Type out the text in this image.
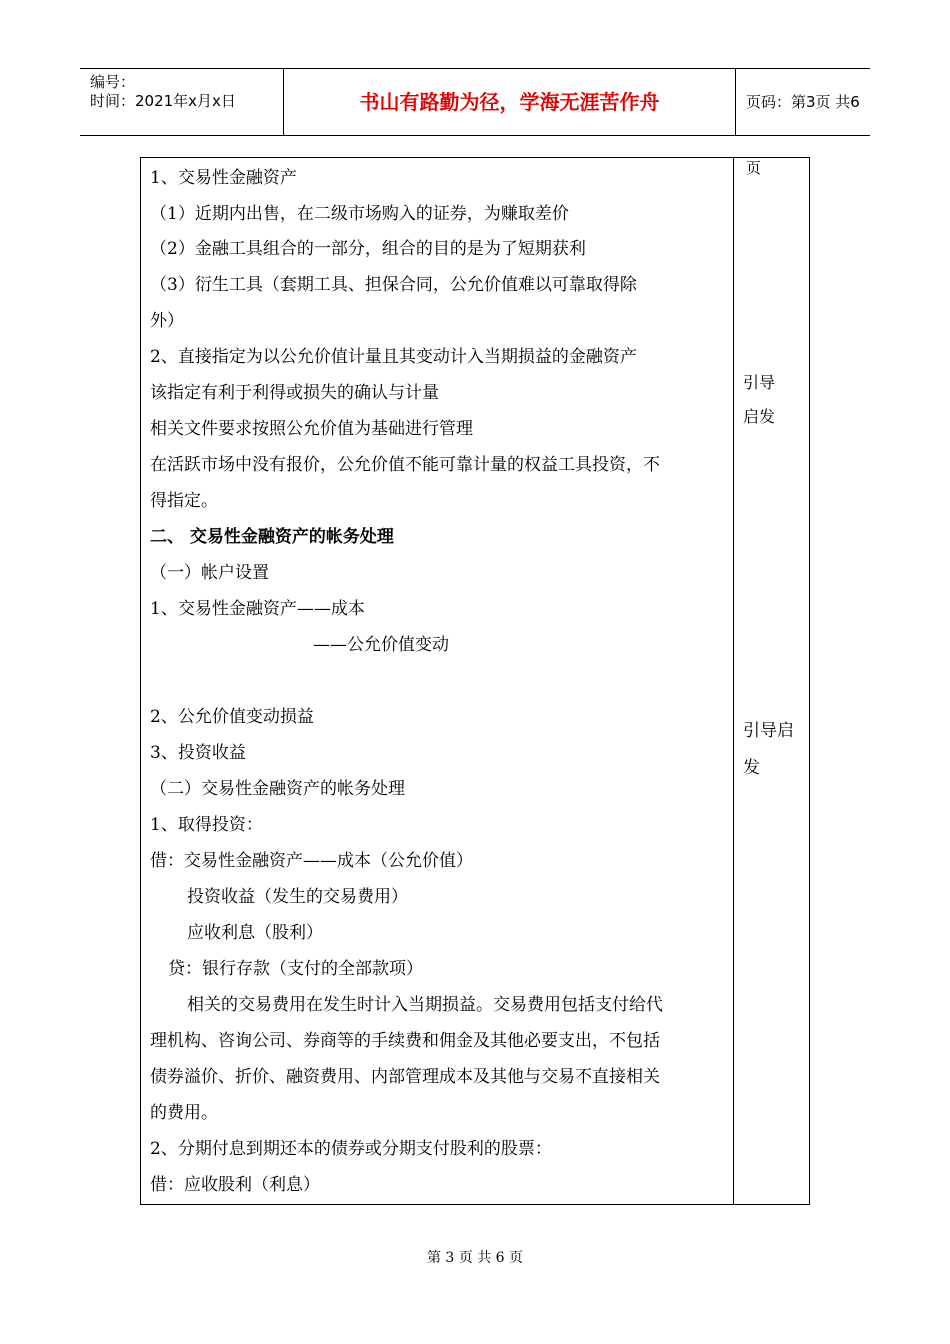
编号：
时间：2021年x月x日	书山有路勤为径，学海无涯苦作舟	页码：第3页 共6页
1、交易性金融资产
（1）近期内出售，在二级市场购入的证券，为赚取差价
（2）金融工具组合的一部分，组合的目的是为了短期获利
（3）衍生工具（套期工具、担保合同，公允价值难以可靠取得除
外）
2、直接指定为以公允价值计量且其变动计入当期损益的金融资产
该指定有利于利得或损失的确认与计量
相关文件要求按照公允价值为基础进行管理
在活跃市场中没有报价，公允价值不能可靠计量的权益工具投资，不
得指定。
二、 交易性金融资产的帐务处理
（一）帐户设置
1、交易性金融资产——成本
——公允价值变动
2、公允价值变动损益
3、投资收益
（二）交易性金融资产的帐务处理
1、取得投资：
借：交易性金融资产——成本（公允价值）
投资收益（发生的交易费用）
应收利息（股利）
贷：银行存款（支付的全部款项）
相关的交易费用在发生时计入当期损益。交易费用包括支付给代
理机构、咨询公司、券商等的手续费和佣金及其他必要支出，不包括
债券溢价、折价、融资费用、内部管理成本及其他与交易不直接相关
的费用。
2、分期付息到期还本的债券或分期支付股利的股票：
借：应收股利（利息）
引导
启发
引导启
发
第 3 页 共 6 页
